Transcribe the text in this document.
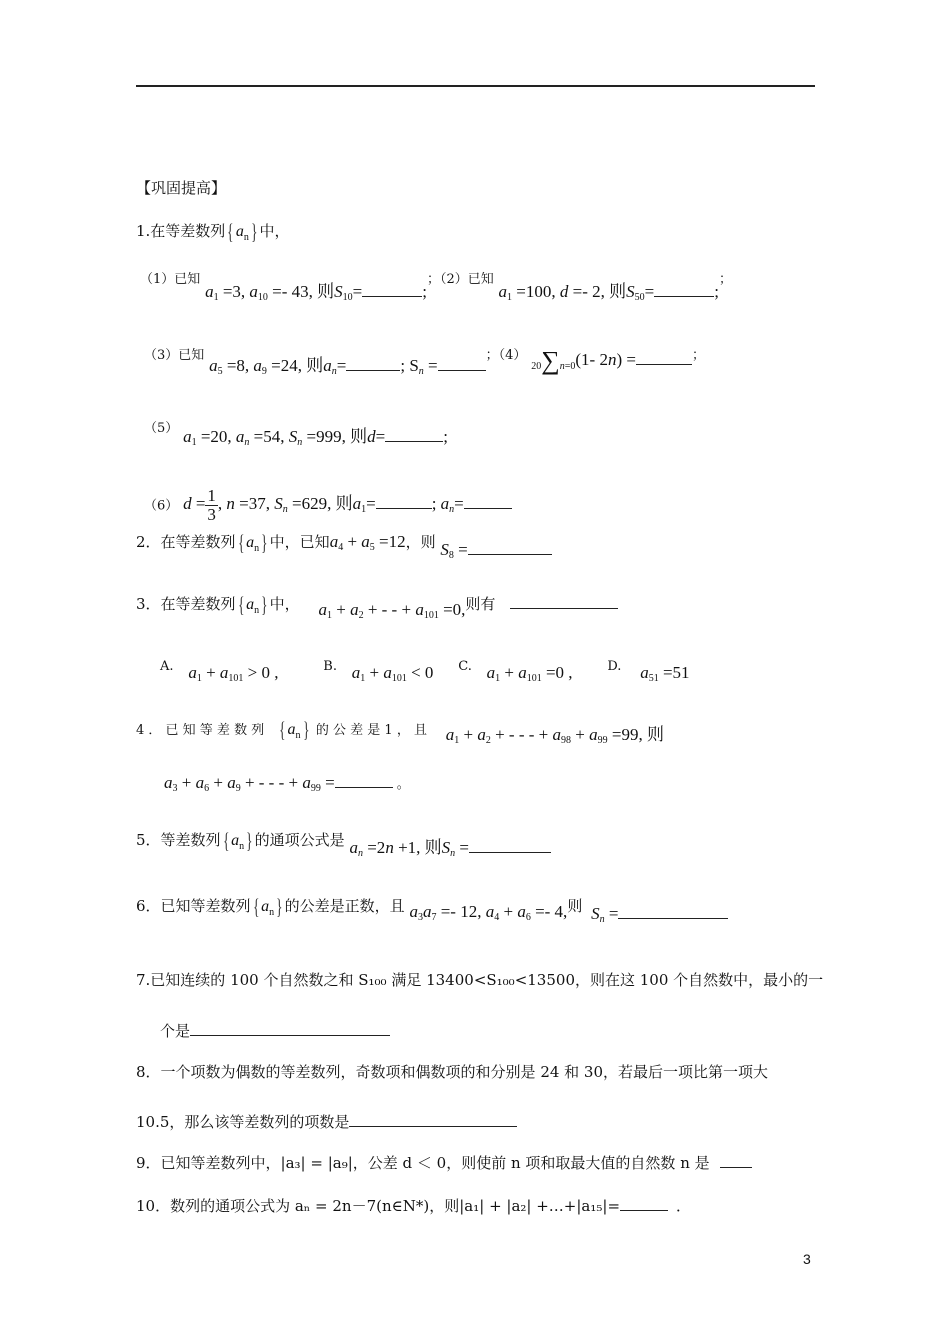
【巩固提高】
1.在等差数列{ $a_n$} 中，
（1）已知 $a_1 =3$, $a_{10} =- 43$, 则$S_{10}=$	;；（2）已知 $a_1 =100$, d =- 2, 则$S_{50}=$	;；
（3）已知 $a_5 =8$, $a_9 =24$, 则$a_n=$	; $S_n$ =；（4） 20∑n=0(1- 2n) =	；
（5） $a_1 =20$, $a_n =54$, $S_n =999$, 则d=	;
（6） $d = \frac{1}{3}$ , n =37, $S_n =629$, 则$a_1=$	; $a_n=$
2．在等差数列{ $a_n$} 中，已知$a_4 + a_5 =12$，则 $S_8$ =
3．在等差数列{ $a_n$} 中， $a_1 + a_2$ + - - + $a_{101} =0$,则有
A. $a_1 + a_{101} > 0$ ,	B. $a_1 + a_{101} < 0$ C. $a_1 + a_{101} =0$ ,	D. $a_{51} =51$
4 ． 已 知 等 差 数 列 { $a_n$} 的 公 差 是 1 ， 且 $a_1 + a_2$ + - - - + $a_{98} + a_{99} =99$, 则
$a_3 + a_6 + a_9$ + - - - + $a_{99}$ =	。
5．等差数列{ $a_n$} 的通项公式是 $a_n =2n +1$, 则$S_n$ =
6．已知等差数列{ $a_n$} 的公差是正数，且 $a_3a_7 =- 12$, $a_4 + a_6 =- 4$,则 $S_n$ =
7.已知连续的 100 个自然数之和 S₁₀₀ 满足 13400<S₁₀₀<13500，则在这 100 个自然数中，最小的一
个是
8．一个项数为偶数的等差数列，奇数项和偶数项的和分别是 24 和 30，若最后一项比第一项大
10.5，那么该等差数列的项数是
9．已知等差数列中，|a₃| = |a₉|，公差 d ＜ 0，则使前 n 项和取最大值的自然数 n 是
10．数列的通项公式为 aₙ = 2n－7(n∈N*)，则|a₁| + |a₂| +…+|a₁₅|=	．
3
